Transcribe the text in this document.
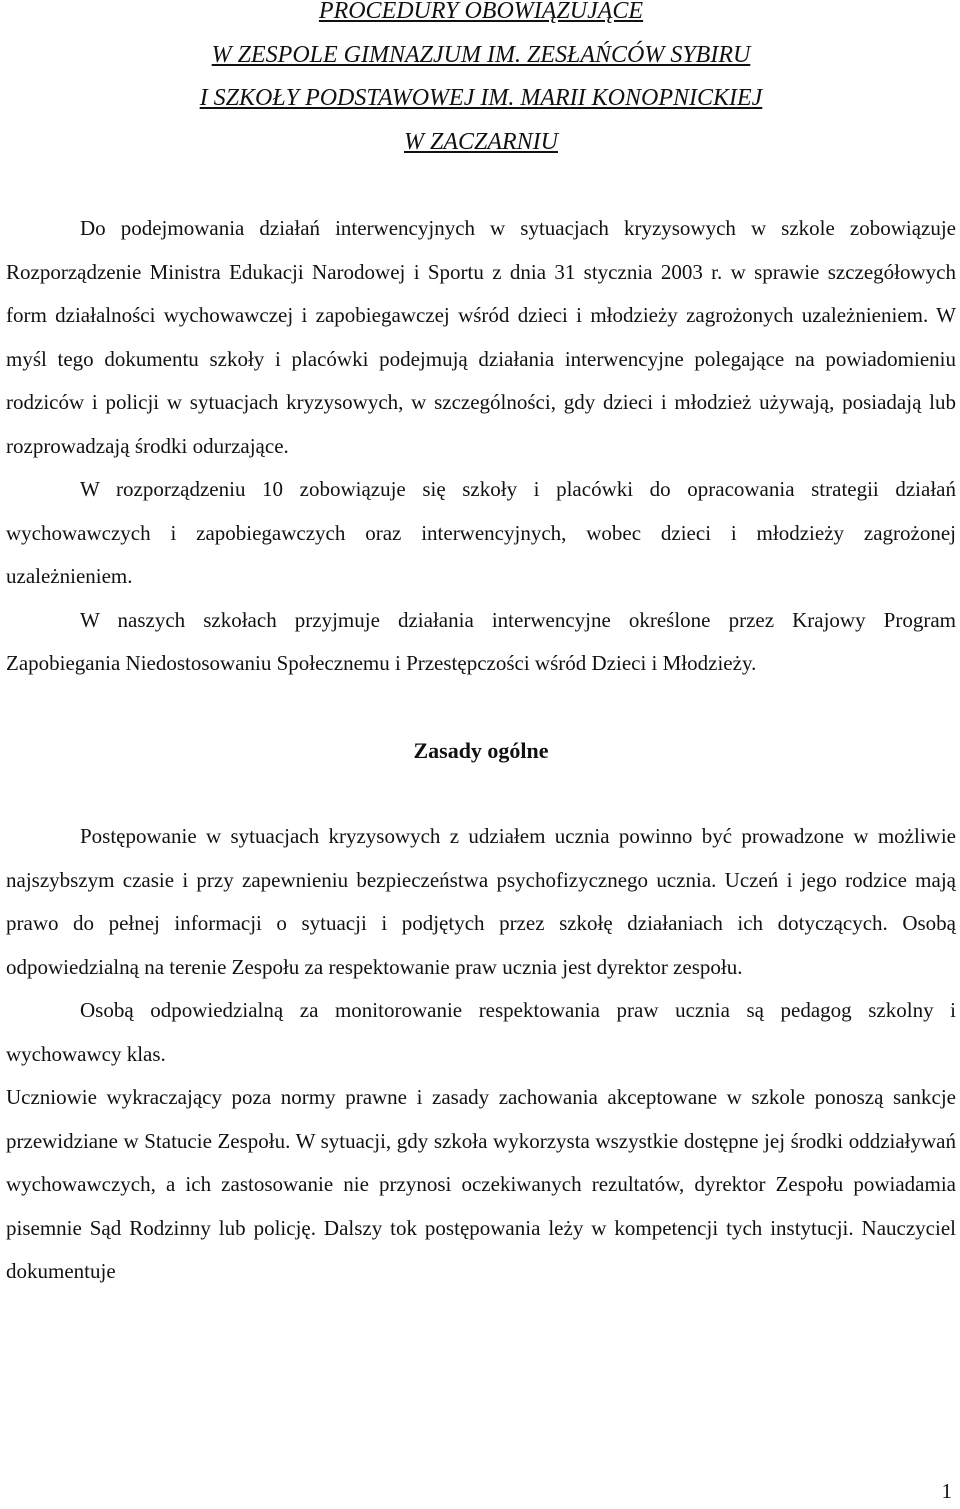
PROCEDURY OBOWIĄZUJĄCE
W ZESPOLE GIMNAZJUM IM. ZESŁAŃCÓW SYBIRU
I SZKOŁY PODSTAWOWEJ IM. MARII KONOPNICKIEJ
W ZACZARNIU

Do podejmowania działań interwencyjnych w sytuacjach kryzysowych w szkole zobowiązuje Rozporządzenie Ministra Edukacji Narodowej i Sportu z dnia 31 stycznia 2003 r. w sprawie szczegółowych form działalności wychowawczej i zapobiegawczej wśród dzieci i młodzieży zagrożonych uzależnieniem. W myśl tego dokumentu szkoły i placówki podejmują działania interwencyjne polegające na powiadomieniu rodziców i policji w sytuacjach kryzysowych, w szczególności, gdy dzieci i młodzież używają, posiadają lub rozprowadzają środki odurzające.

W rozporządzeniu 10 zobowiązuje się szkoły i placówki do opracowania strategii działań wychowawczych i zapobiegawczych oraz interwencyjnych, wobec dzieci i młodzieży zagrożonej uzależnieniem.

W naszych szkołach przyjmuje działania interwencyjne określone przez Krajowy Program Zapobiegania Niedostosowaniu Społecznemu i Przestępczości wśród Dzieci i Młodzieży.

Zasady ogólne

Postępowanie w sytuacjach kryzysowych z udziałem ucznia powinno być prowadzone w możliwie najszybszym czasie i przy zapewnieniu bezpieczeństwa psychofizycznego ucznia. Uczeń i jego rodzice mają prawo do pełnej informacji o sytuacji i podjętych przez szkołę działaniach ich dotyczących. Osobą odpowiedzialną na terenie Zespołu za respektowanie praw ucznia jest dyrektor zespołu.

Osobą odpowiedzialną za monitorowanie respektowania praw ucznia są pedagog szkolny i wychowawcy klas.

Uczniowie wykraczający poza normy prawne i zasady zachowania akceptowane w szkole ponoszą sankcje przewidziane w Statucie Zespołu. W sytuacji, gdy szkoła wykorzysta wszystkie dostępne jej środki oddziaływań wychowawczych, a ich zastosowanie nie przynosi oczekiwanych rezultatów, dyrektor Zespołu powiadamia pisemnie Sąd Rodzinny lub policję. Dalszy tok postępowania leży w kompetencji tych instytucji. Nauczyciel dokumentuje

1
